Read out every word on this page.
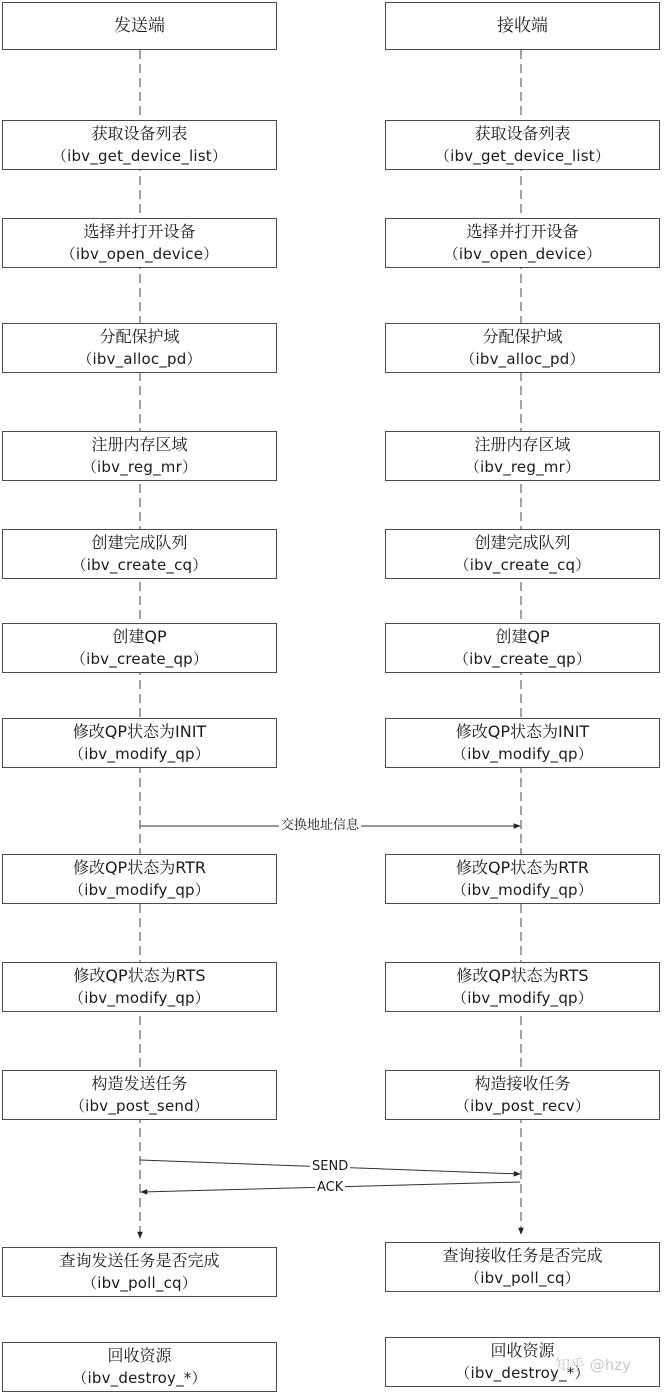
发送端	接收端
获取设备列表
（ibv_get_device_list）
获取设备列表
（ibv_get_device_list）
选择并打开设备
（ibv_open_device）
选择并打开设备
（ibv_open_device）
分配保护域
（ibv_alloc_pd）
分配保护域
（ibv_alloc_pd）
注册内存区域
（ibv_reg_mr）
注册内存区域
（ibv_reg_mr）
创建完成队列
（ibv_create_cq）
创建完成队列
（ibv_create_cq）
创建QP
（ibv_create_qp）
创建QP
（ibv_create_qp）
修改QP状态为INIT
（ibv_modify_qp）
修改QP状态为INIT
（ibv_modify_qp）
交换地址信息
修改QP状态为RTR
（ibv_modify_qp）
修改QP状态为RTR
（ibv_modify_qp）
修改QP状态为RTS
（ibv_modify_qp）
修改QP状态为RTS
（ibv_modify_qp）
构造发送任务
（ibv_post_send）
构造接收任务
（ibv_post_recv）
SEND
ACK
查询发送任务是否完成
（ibv_poll_cq）
查询接收任务是否完成
（ibv_poll_cq）
回收资源
（ibv_destroy_*）
回收资源
（ibv_destroy_*）
知乎 @hzy
